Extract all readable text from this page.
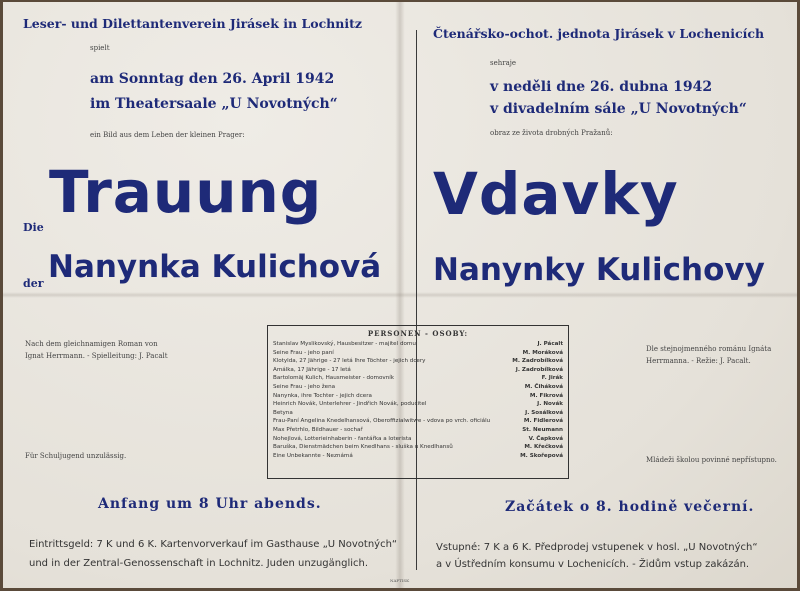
Leser- und Dilettantenverein Jirásek in Lochnitz
spielt
am Sonntag den 26. April 1942
im Theatersaale „U Novotných“
ein Bild aus dem Leben der kleinen Prager:
Die
Trauung
der Nanynka Kulichová
Nach dem gleichnamigen Roman von
Ignat Herrmann. - Spielleitung: J. Pacalt
Für Schuljugend unzulässig.
Anfang um 8 Uhr abends.
Eintrittsgeld: 7 K und 6 K. Kartenvorverkauf im Gasthause „U Novotných“
und in der Zentral-Genossenschaft in Lochnitz. Juden unzugänglich.
Čtenářsko-ochot. jednota Jirásek v Lochenicích
sehraje
v neděli dne 26. dubna 1942
v divadelním sále „U Novotných“
obraz ze života drobných Pražanů:
Vdavky
Nanynky Kulichovy
Dle stejnojmenného románu Ignáta
Herrmanna. - Režie: J. Pacalt.
Mládeži školou povinné nepřístupno.
Začátek o 8. hodině večerní.
Vstupné: 7 K a 6 K. Předprodej vstupenek v hosl. „U Novotných“
a v Ústředním konsumu v Lochenicích. - Židům vstup zakázán.
PERSONEN - OSOBY:
Stanislav Myslikovský, Hausbesitzer - majitel domu	J. Pácalt
Seine Frau - jeho paní	M. Moráková
Klotylda, 27 Jährige - 27 letá Ihre Töchter - jejich dcery	M. Zadrobílková
Amálka, 17 Jährige - 17 letá	J. Zadrobílková
Bartolomäj Kulich, Hausmeister - domovník	F. Jirák
Seine Frau - jeho žena	M. Čiháková
Nanynka, ihre Tochter - jejich dcera	M. Fikrová
Heinrich Novák, Unterlehrer - Jindřich Novák, podučitel	J. Novák
Betyna	J. Sosálková
Frau-Paní Angelina Knedelhansová, Oberoffizialwitwe - vdova po vrch. oficiálu	M. Fidlerová
Max Přetrhlo, Bildhauer - sochař	St. Neumann
Nohejlová, Lotterieinhaberin - fantářka a loterista	V. Čapková
Baruška, Dienstmädchen beim Knedlhans - sluška u Knedlhansů	M. Křečková
Eine Unbekannte - Neznámá	M. Skořepová
NAPTISK
